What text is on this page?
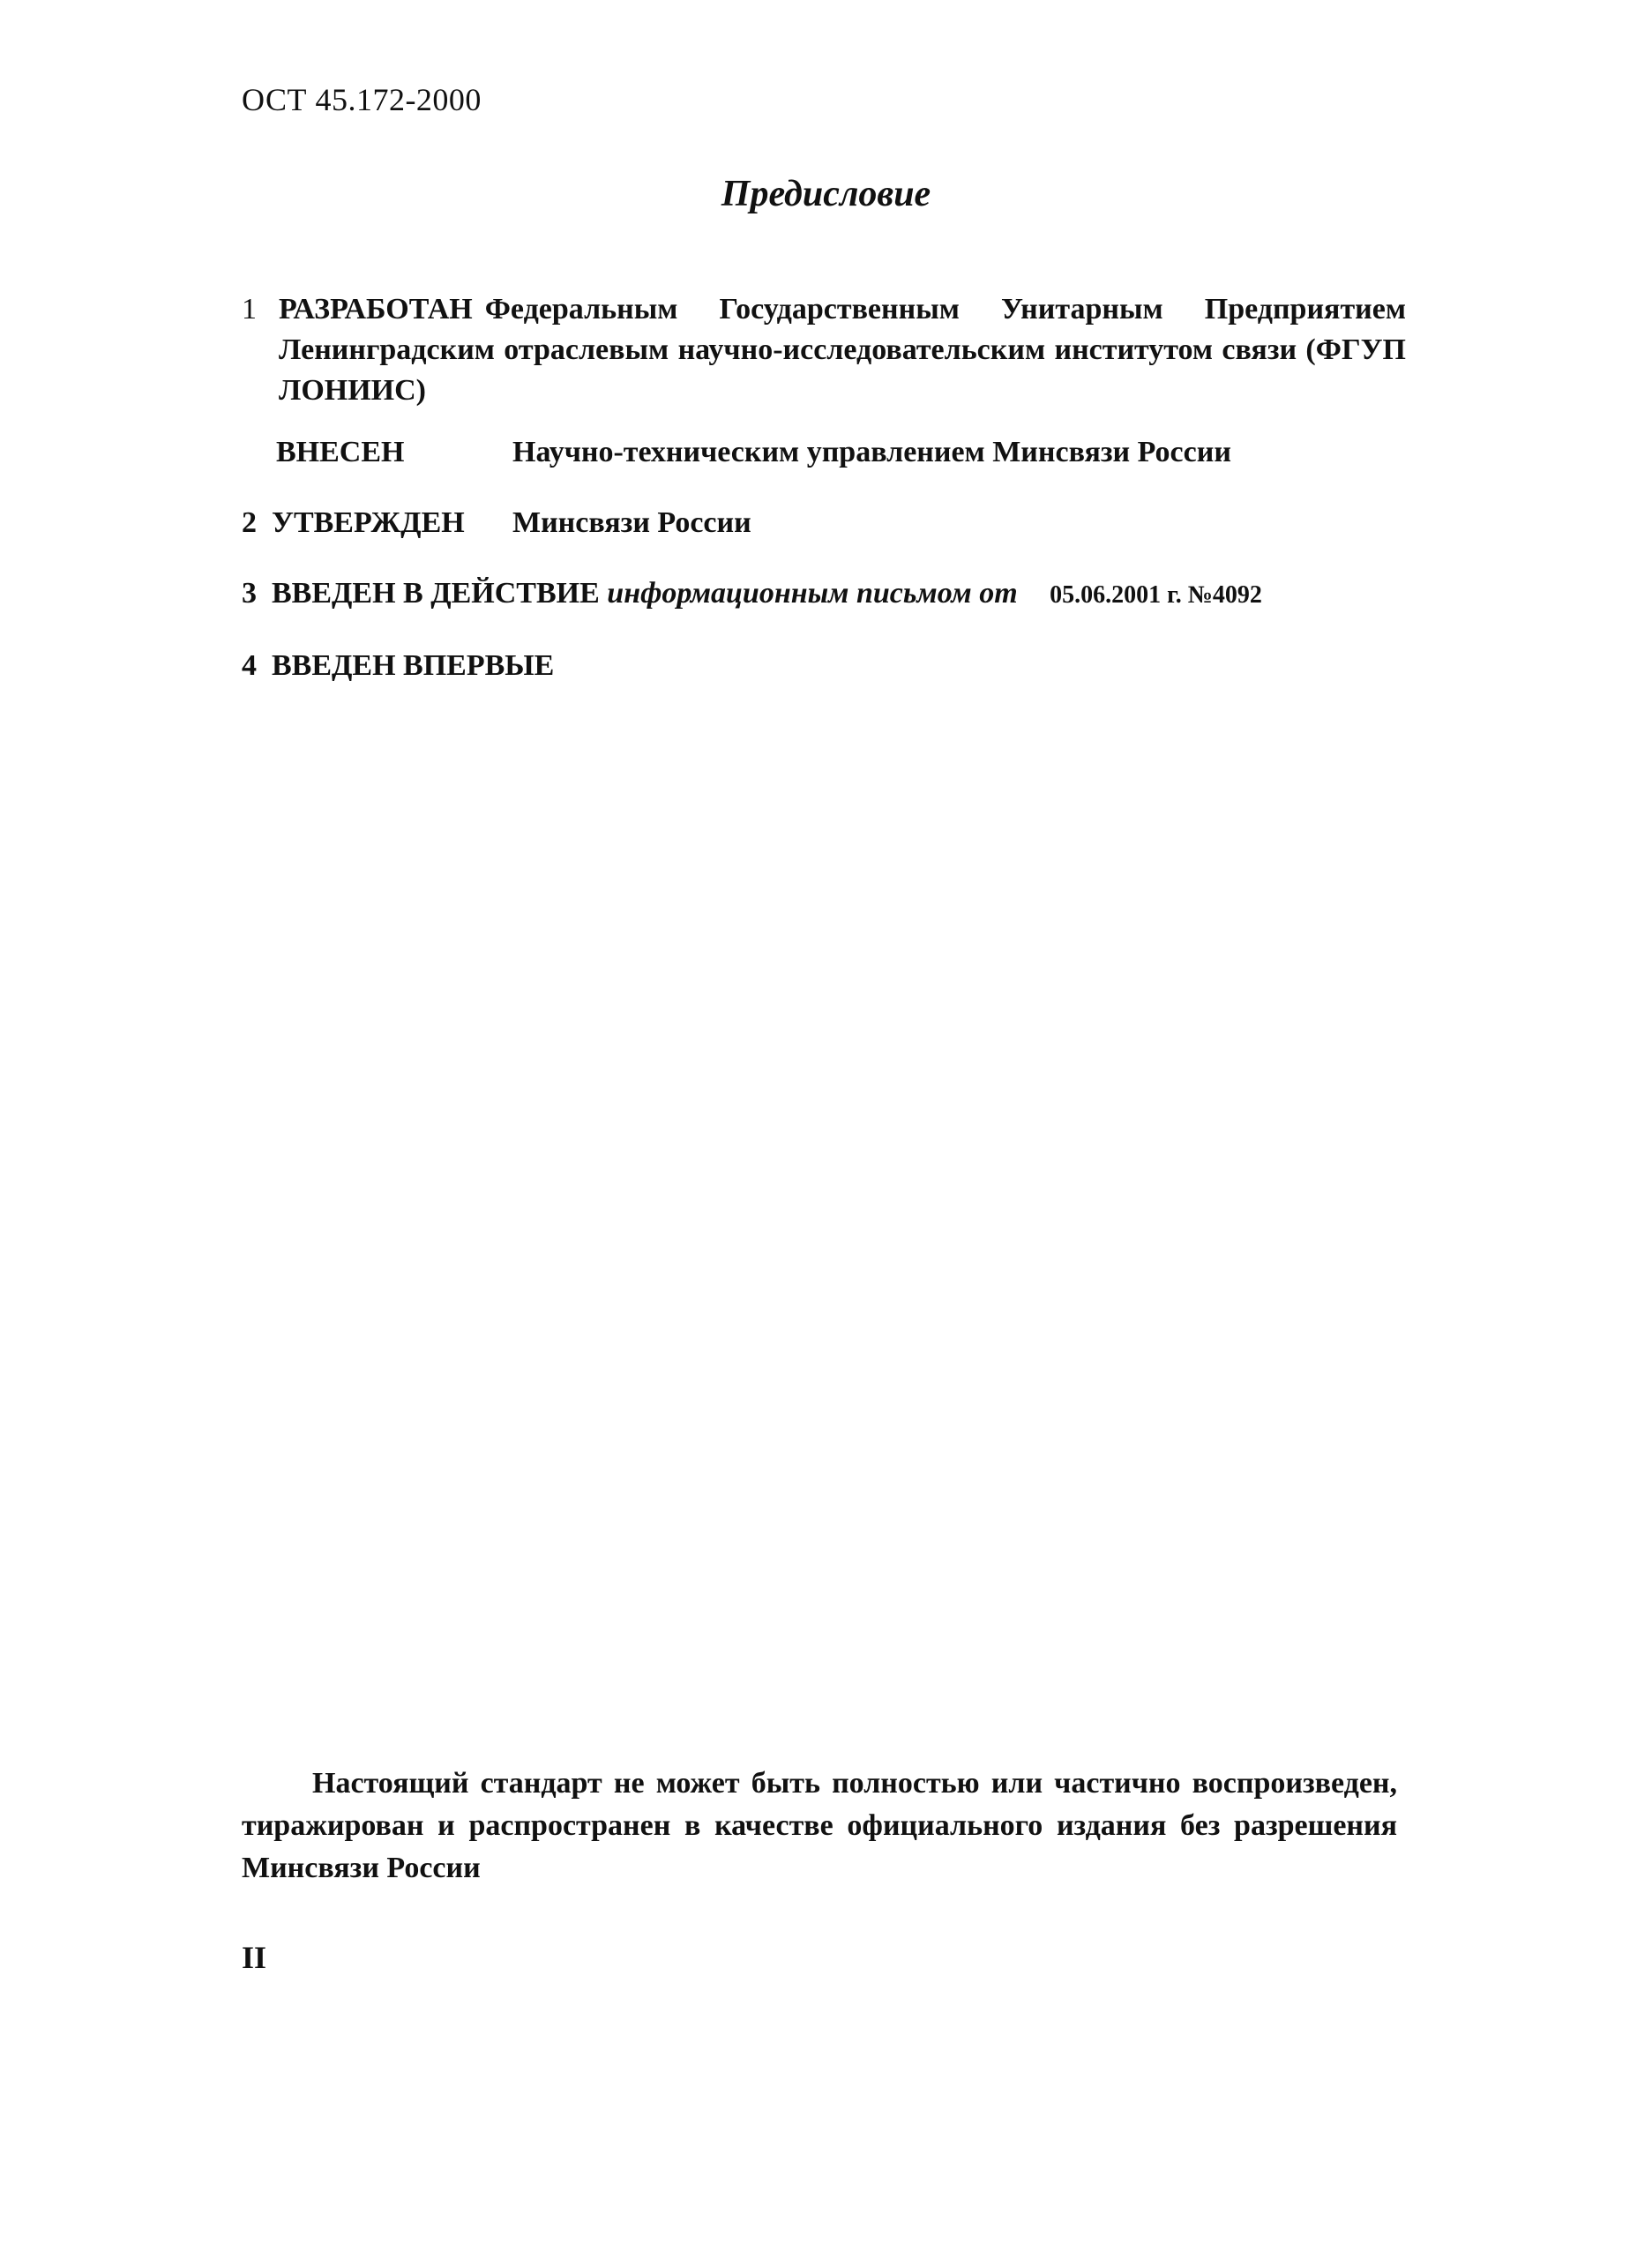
ОСТ 45.172-2000
Предисловие
1 РАЗРАБОТАН Федеральным Государственным Унитарным Предприятием Ленинградским отраслевым научно-исследовательским институтом связи (ФГУП ЛОНИИС)
ВНЕСЕН	Научно-техническим управлением Минсвязи России
2 УТВЕРЖДЕН Минсвязи России
3 ВВЕДЕН В ДЕЙСТВИЕ информационным письмом от 05.06.2001 г. №4092
4 ВВЕДЕН ВПЕРВЫЕ
Настоящий стандарт не может быть полностью или частично воспроизведен, тиражирован и распространен в качестве официального издания без разрешения Минсвязи России
II
